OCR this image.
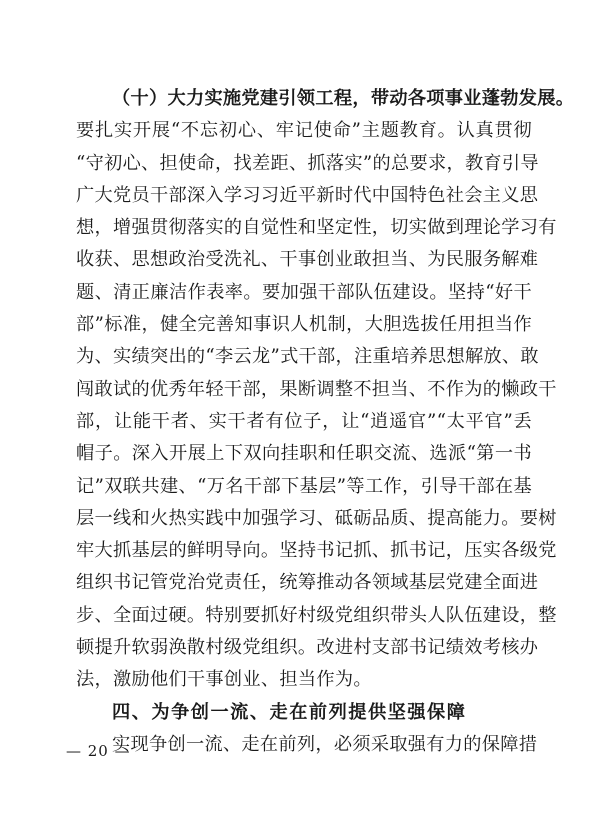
（十）大力实施党建引领工程，带动各项事业蓬勃发展。
要扎实开展“不忘初心、牢记使命”主题教育。认真贯彻
“守初心、担使命，找差距、抓落实”的总要求，教育引导
广大党员干部深入学习习近平新时代中国特色社会主义思
想，增强贯彻落实的自觉性和坚定性，切实做到理论学习有
收获、思想政治受洗礼、干事创业敢担当、为民服务解难
题、清正廉洁作表率。要加强干部队伍建设。坚持“好干
部”标准，健全完善知事识人机制，大胆选拔任用担当作
为、实绩突出的“李云龙”式干部，注重培养思想解放、敢
闯敢试的优秀年轻干部，果断调整不担当、不作为的懒政干
部，让能干者、实干者有位子，让“逍遥官”“太平官”丢
帽子。深入开展上下双向挂职和任职交流、选派“第一书
记”双联共建、“万名干部下基层”等工作，引导干部在基
层一线和火热实践中加强学习、砥砺品质、提高能力。要树
牢大抓基层的鲜明导向。坚持书记抓、抓书记，压实各级党
组织书记管党治党责任，统筹推动各领域基层党建全面进
步、全面过硬。特别要抓好村级党组织带头人队伍建设，整
顿提升软弱涣散村级党组织。改进村支部书记绩效考核办
法，激励他们干事创业、担当作为。
四、为争创一流、走在前列提供坚强保障
实现争创一流、走在前列，必须采取强有力的保障措
— 20 —
